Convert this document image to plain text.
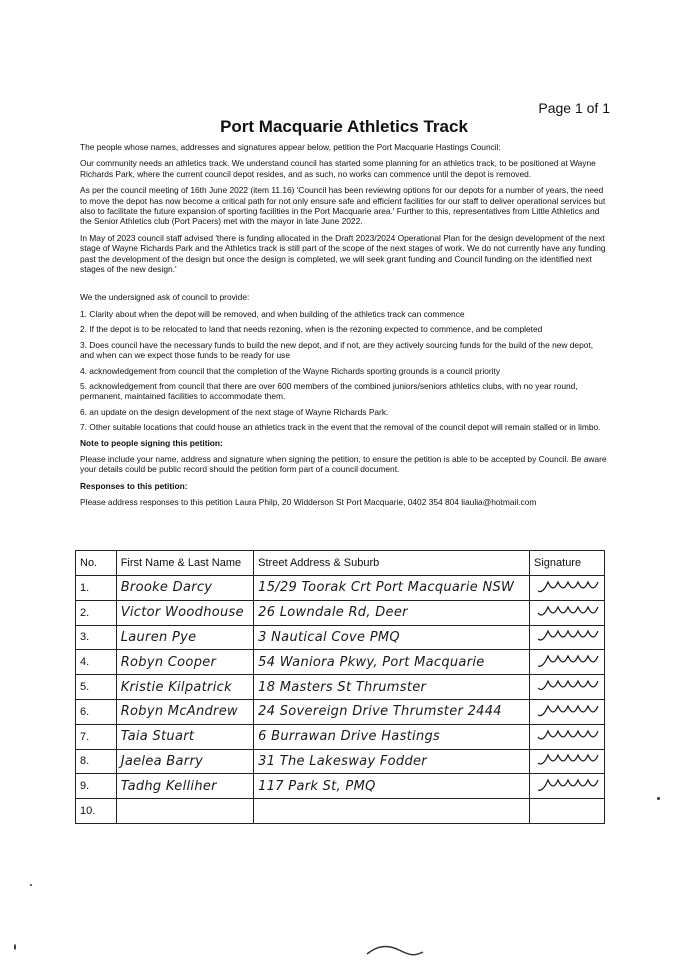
Page 1 of 1
Port Macquarie Athletics Track

The people whose names, addresses and signatures appear below, petition the Port Macquarie Hastings Council:

Our community needs an athletics track. We understand council has started some planning for an athletics track, to be positioned at Wayne Richards Park, where the current council depot resides, and as such, no works can commence until the depot is removed.

As per the council meeting of 16th June 2022 (item 11.16) 'Council has been reviewing options for our depots for a number of years, the need to move the depot has now become a critical path for not only ensure safe and efficient facilities for our staff to deliver operational services but also to facilitate the future expansion of sporting facilities in the Port Macquarie area.' Further to this, representatives from Little Athletics and the Senior Athletics club (Port Pacers) met with the mayor in late June 2022.

In May of 2023 council staff advised 'there is funding allocated in the Draft 2023/2024 Operational Plan for the design development of the next stage of Wayne Richards Park and the Athletics track is still part of the scope of the next stages of work. We do not currently have any funding past the development of the design but once the design is completed, we will seek grant funding and Council funding on the identified next stages of the new design.'

We the undersigned ask of council to provide:

1. Clarity about when the depot will be removed, and when building of the athletics track can commence
2. If the depot is to be relocated to land that needs rezoning, when is the rezoning expected to commence, and be completed
3. Does council have the necessary funds to build the new depot, and if not, are they actively sourcing funds for the build of the new depot, and when can we expect those funds to be ready for use
4. acknowledgement from council that the completion of the Wayne Richards sporting grounds is a council priority
5. acknowledgement from council that there are over 600 members of the combined juniors/seniors athletics clubs, with no year round, permanent, maintained facilities to accommodate them.
6. an update on the design development of the next stage of Wayne Richards Park.
7. Other suitable locations that could house an athletics track in the event that the removal of the council depot will remain stalled or in limbo.

Note to people signing this petition:

Please include your name, address and signature when signing the petition, to ensure the petition is able to be accepted by Council. Be aware your details could be public record should the petition form part of a council document.

Responses to this petition:

Please address responses to this petition Laura Philp, 20 Widderson St Port Macquarie, 0402 354 804 liaulia@hotmail.com

No.	First Name & Last Name	Street Address & Suburb	Signature
1.	Brooke Darcy	15/29 Toorak Crt Port Macquarie NSW	

2.	Victor Woodhouse	26 Lowndale Rd, Deer	

3.	Lauren Pye	3 Nautical Cove PMQ	

4.	Robyn Cooper	54 Waniora Pkwy, Port Macquarie	

5.	Kristie Kilpatrick	18 Masters St Thrumster	

6.	Robyn McAndrew	24 Sovereign Drive Thrumster 2444	

7.	Taia Stuart	6 Burrawan Drive Hastings	

8.	Jaelea Barry	31 The Lakesway Fodder	

9.	Tadhg Kelliher	117 Park St, PMQ	

10.			
